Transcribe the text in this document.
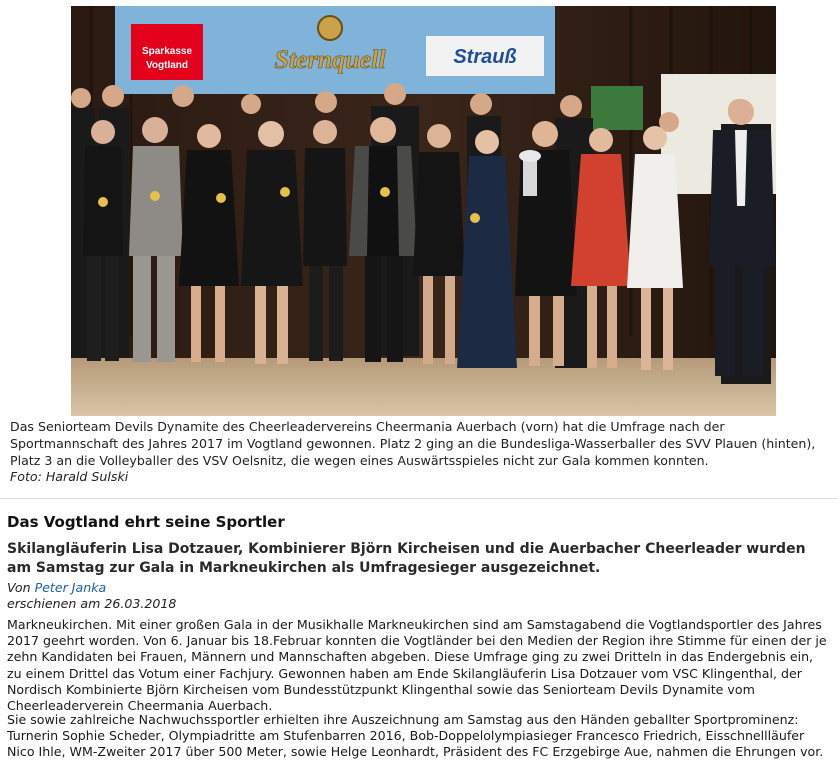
Sparkasse
Vogtland	Sternquell	Strauß

Das Seniorteam Devils Dynamite des Cheerleadervereins Cheermania Auerbach (vorn) hat die Umfrage nach der Sportmannschaft des Jahres 2017 im Vogtland gewonnen. Platz 2 ging an die Bundesliga-Wasserballer des SVV Plauen (hinten), Platz 3 an die Volleyballer des VSV Oelsnitz, die wegen eines Auswärtsspieles nicht zur Gala kommen konnten.

Foto: Harald Sulski
Das Vogtland ehrt seine Sportler
Skilangläuferin Lisa Dotzauer, Kombinierer Björn Kircheisen und die Auerbacher Cheerleader wurden am Samstag zur Gala in Markneukirchen als Umfragesieger ausgezeichnet.
Von Peter Janka
erschienen am 26.03.2018

Markneukirchen. Mit einer großen Gala in der Musikhalle Markneukirchen sind am Samstagabend die Vogtlandsportler des Jahres 2017 geehrt worden. Von 6. Januar bis 18.Februar konnten die Vogtländer bei den Medien der Region ihre Stimme für einen der je zehn Kandidaten bei Frauen, Männern und Mannschaften abgeben. Diese Umfrage ging zu zwei Dritteln in das Endergebnis ein, zu einem Drittel das Votum einer Fachjury. Gewonnen haben am Ende Skilangläuferin Lisa Dotzauer vom VSC Klingenthal, der Nordisch Kombinierte Björn Kircheisen vom Bundesstützpunkt Klingenthal sowie das Seniorteam Devils Dynamite vom Cheerleaderverein Cheermania Auerbach.

Sie sowie zahlreiche Nachwuchssportler erhielten ihre Auszeichnung am Samstag aus den Händen geballter Sportprominenz: Turnerin Sophie Scheder, Olympiadritte am Stufenbarren 2016, Bob-Doppelolympiasieger Francesco Friedrich, Eisschnellläufer Nico Ihle, WM-Zweiter 2017 über 500 Meter, sowie Helge Leonhardt, Präsident des FC Erzgebirge Aue, nahmen die Ehrungen vor.
